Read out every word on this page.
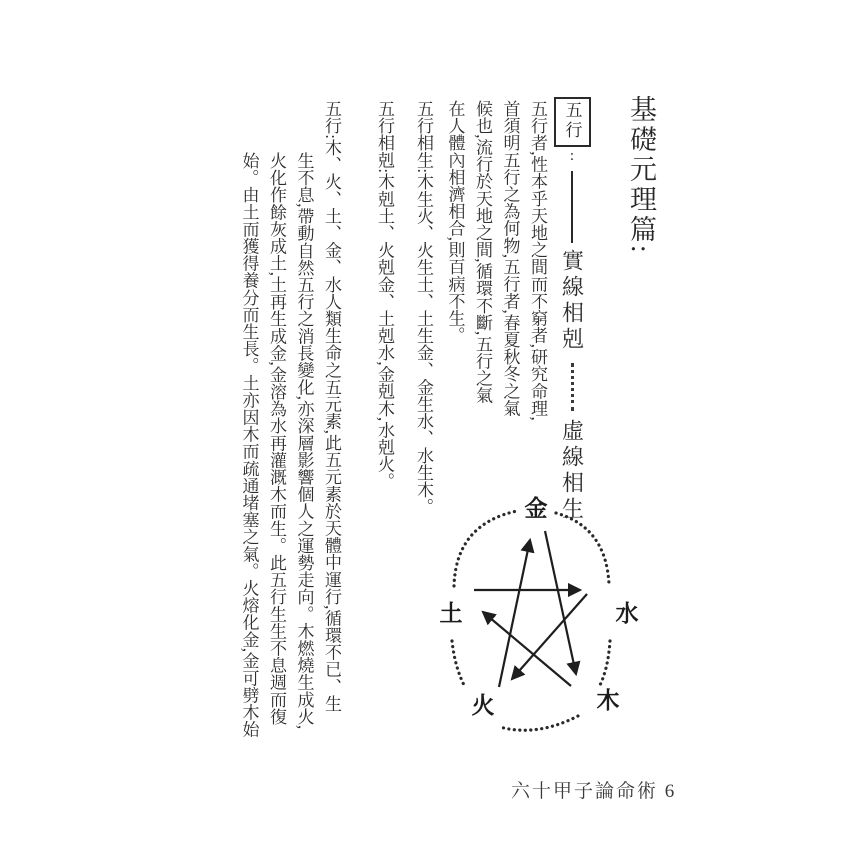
基礎元理篇:
五行
:
實線相剋
虛線相生
五行者,性本乎天地之間而不窮者,研究命理,
首須明五行之為何物,五行者,春夏秋冬之氣
候也,流行於天地之間,循環不斷,五行之氣
在人體內相濟相合,則百病不生。
五行相生:木生火、火生土、土生金、金生水、水生木。
五行相剋:木剋土、火剋金、土剋水,金剋木,水剋火。
五行:木、火、土、金、水人類生命之五元素,此五元素於天體中運行,循環不已、生
生不息,帶動自然五行之消長變化,亦深層影響個人之運勢走向。木燃燒生成火,
火化作餘灰成土,土再生成金,金溶為水再灌溉木而生。此五行生生不息週而復
始。由土而獲得養分而生長。土亦因木而疏通堵塞之氣。火熔化金,金可劈木始	金
土	水
火	木
六十甲子論命術 6
